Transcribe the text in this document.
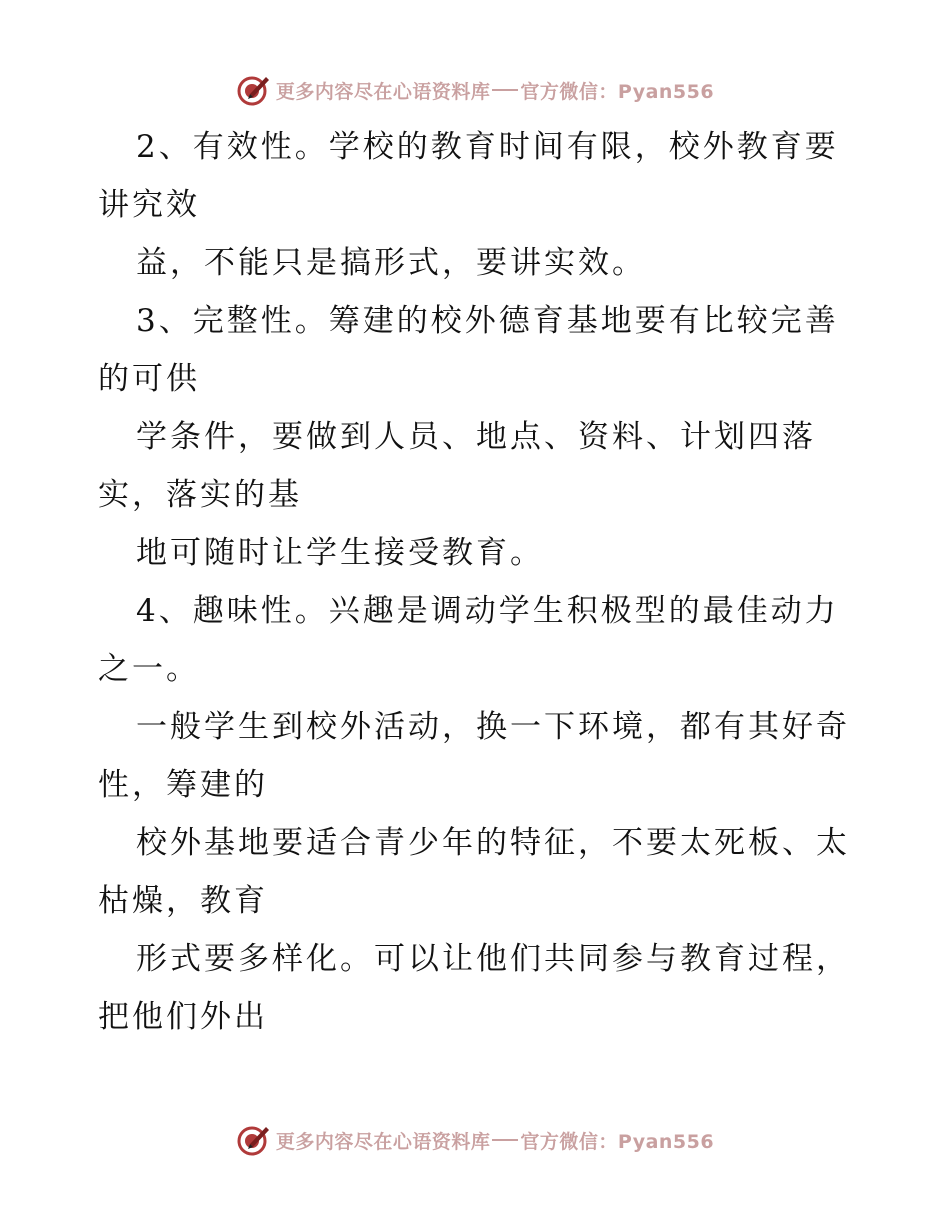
更多内容尽在心语资料库 官方微信：Pyan556
2、有效性。学校的教育时间有限，校外教育要
讲究效
益，不能只是搞形式，要讲实效。
3、完整性。筹建的校外德育基地要有比较完善
的可供
学条件，要做到人员、地点、资料、计划四落
实，落实的基
地可随时让学生接受教育。
4、趣味性。兴趣是调动学生积极型的最佳动力
之一。
一般学生到校外活动，换一下环境，都有其好奇
性，筹建的
校外基地要适合青少年的特征，不要太死板、太
枯燥，教育
形式要多样化。可以让他们共同参与教育过程，
把他们外出
更多内容尽在心语资料库 官方微信：Pyan556
